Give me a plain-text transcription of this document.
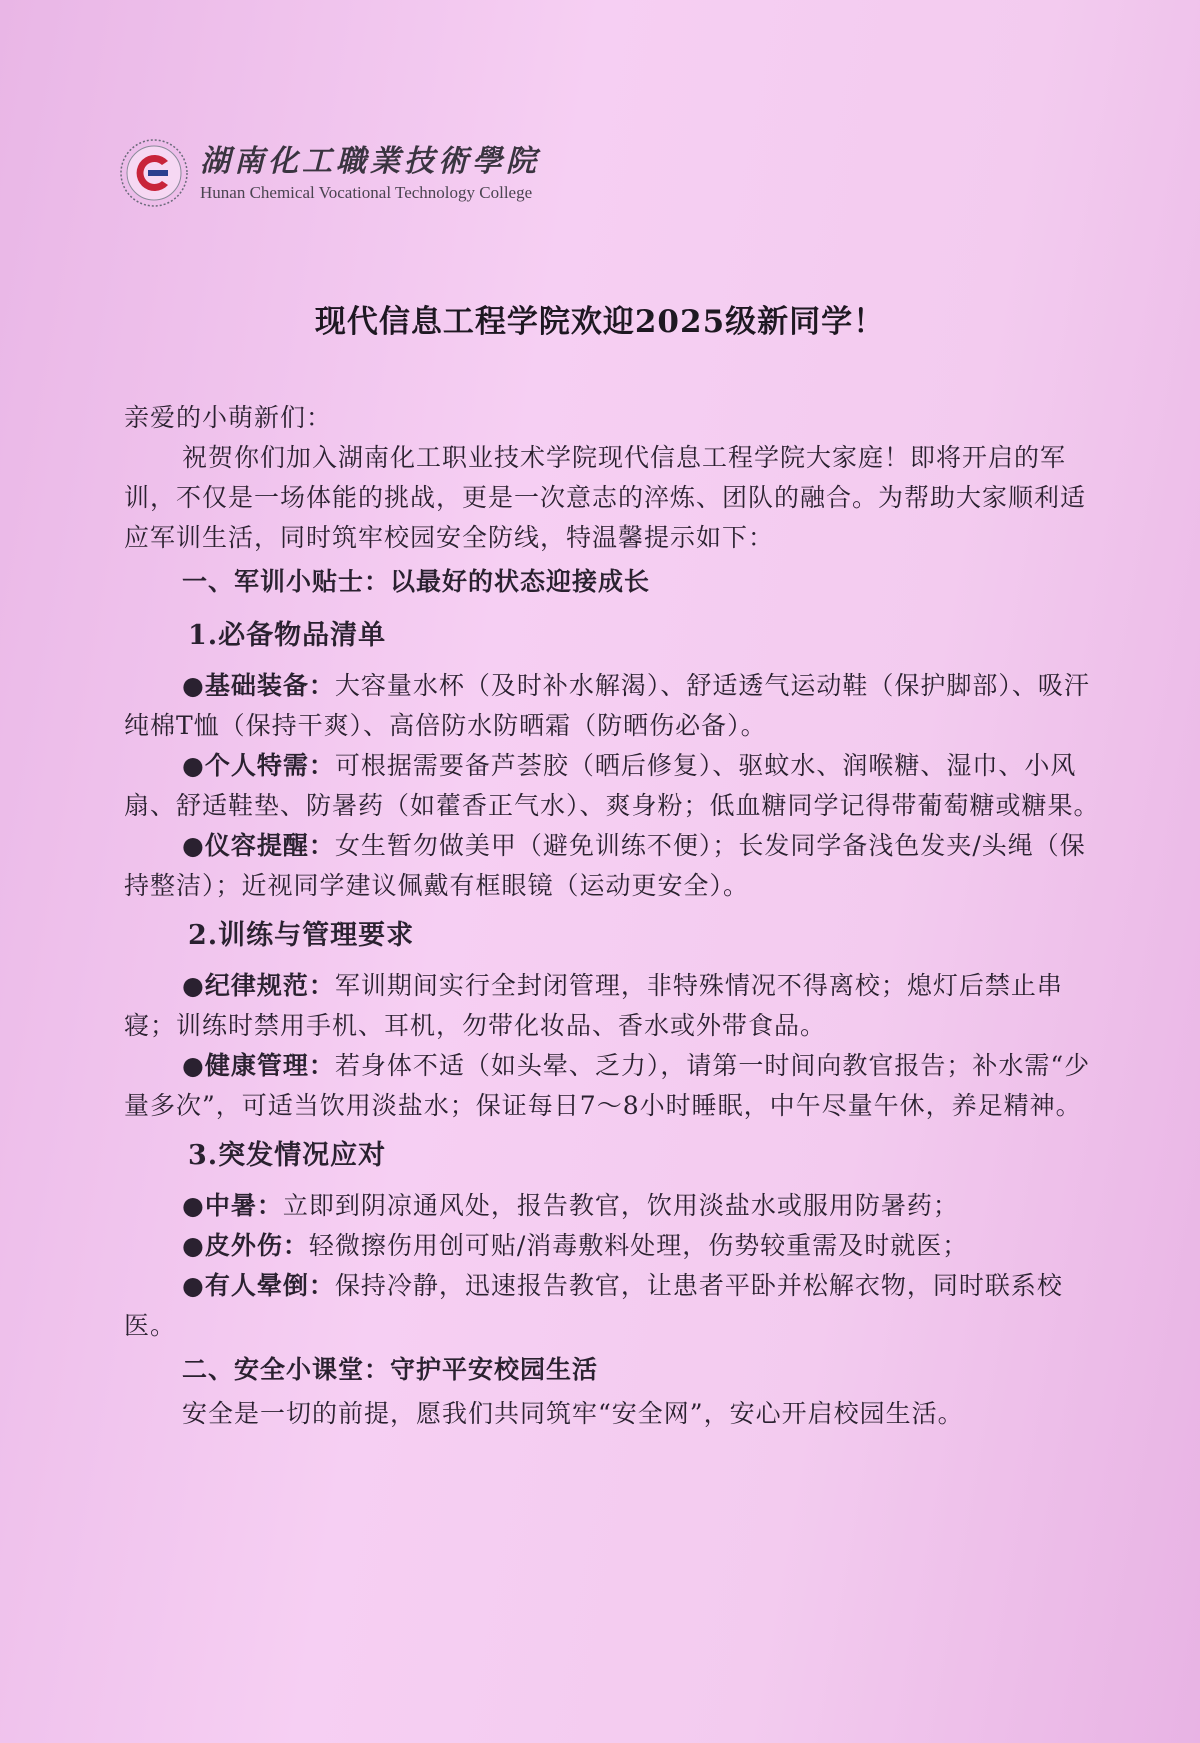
湖南化工職業技術學院
Hunan Chemical Vocational Technology College
现代信息工程学院欢迎2025级新同学！

亲爱的小萌新们：

祝贺你们加入湖南化工职业技术学院现代信息工程学院大家庭！即将开启的军训，不仅是一场体能的挑战，更是一次意志的淬炼、团队的融合。为帮助大家顺利适应军训生活，同时筑牢校园安全防线，特温馨提示如下：

一、军训小贴士：以最好的状态迎接成长

1.必备物品清单

●基础装备：大容量水杯（及时补水解渴）、舒适透气运动鞋（保护脚部）、吸汗纯棉T恤（保持干爽）、高倍防水防晒霜（防晒伤必备）。

●个人特需：可根据需要备芦荟胶（晒后修复）、驱蚊水、润喉糖、湿巾、小风扇、舒适鞋垫、防暑药（如藿香正气水）、爽身粉；低血糖同学记得带葡萄糖或糖果。

●仪容提醒：女生暂勿做美甲（避免训练不便）；长发同学备浅色发夹/头绳（保持整洁）；近视同学建议佩戴有框眼镜（运动更安全）。

2.训练与管理要求

●纪律规范：军训期间实行全封闭管理，非特殊情况不得离校；熄灯后禁止串寝；训练时禁用手机、耳机，勿带化妆品、香水或外带食品。

●健康管理：若身体不适（如头晕、乏力），请第一时间向教官报告；补水需“少量多次”，可适当饮用淡盐水；保证每日7～8小时睡眠，中午尽量午休，养足精神。

3.突发情况应对

●中暑：立即到阴凉通风处，报告教官，饮用淡盐水或服用防暑药；

●皮外伤：轻微擦伤用创可贴/消毒敷料处理，伤势较重需及时就医；

●有人晕倒：保持冷静，迅速报告教官，让患者平卧并松解衣物，同时联系校医。

二、安全小课堂：守护平安校园生活

安全是一切的前提，愿我们共同筑牢“安全网”，安心开启校园生活。
